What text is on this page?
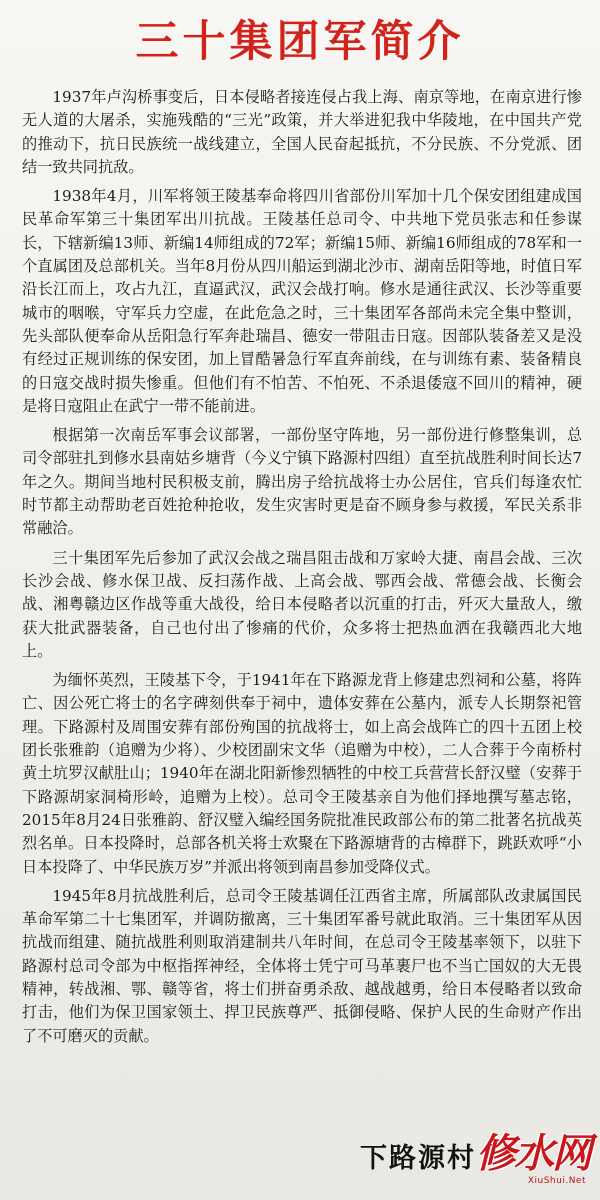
三十集团军简介

1937年卢沟桥事变后，日本侵略者接连侵占我上海、南京等地，在南京进行惨无人道的大屠杀，实施残酷的“三光”政策，并大举进犯我中华陵地，在中国共产党的推动下，抗日民族统一战线建立，全国人民奋起抵抗，不分民族、不分党派、团结一致共同抗敌。

1938年4月，川军将领王陵基奉命将四川省部份川军加十几个保安团组建成国民革命军第三十集团军出川抗战。王陵基任总司令、中共地下党员张志和任参谋长，下辖新编13师、新编14师组成的72军；新编15师、新编16师组成的78军和一个直属团及总部机关。当年8月份从四川船运到湖北沙市、湖南岳阳等地，时值日军沿长江而上，攻占九江，直逼武汉，武汉会战打响。修水是通往武汉、长沙等重要城市的咽喉，守军兵力空虚，在此危急之时，三十集团军各部尚未完全集中整训，先头部队便奉命从岳阳急行军奔赴瑞昌、德安一带阻击日寇。因部队装备差又是没有经过正规训练的保安团，加上冒酷暑急行军直奔前线，在与训练有素、装备精良的日寇交战时损失惨重。但他们有不怕苦、不怕死、不杀退倭寇不回川的精神，硬是将日寇阻止在武宁一带不能前进。

根据第一次南岳军事会议部署，一部份坚守阵地，另一部份进行修整集训，总司令部驻扎到修水县南姑乡塘背（今义宁镇下路源村四组）直至抗战胜利时间长达7年之久。期间当地村民积极支前，腾出房子给抗战将士办公居住，官兵们每逢农忙时节都主动帮助老百姓抢种抢收，发生灾害时更是奋不顾身参与救援，军民关系非常融洽。

三十集团军先后参加了武汉会战之瑞昌阻击战和万家岭大捷、南昌会战、三次长沙会战、修水保卫战、反扫荡作战、上高会战、鄂西会战、常德会战、长衡会战、湘粤赣边区作战等重大战役，给日本侵略者以沉重的打击，歼灭大量敌人，缴获大批武器装备，自己也付出了惨痛的代价，众多将士把热血洒在我赣西北大地上。

为缅怀英烈，王陵基下令，于1941年在下路源龙背上修建忠烈祠和公墓，将阵亡、因公死亡将士的名字碑刻供奉于祠中，遗体安葬在公墓内，派专人长期祭祀管理。下路源村及周围安葬有部份殉国的抗战将士，如上高会战阵亡的四十五团上校团长张雅韵（追赠为少将）、少校团副宋文华（追赠为中校），二人合葬于今南桥村黄土坑罗汉献肚山；1940年在湖北阳新惨烈牺牲的中校工兵营营长舒汉璧（安葬于下路源胡家洞椅形岭，追赠为上校）。总司令王陵基亲自为他们择地撰写墓志铭，2015年8月24日张雅韵、舒汉璧入编经国务院批准民政部公布的第二批著名抗战英烈名单。日本投降时，总部各机关将士欢聚在下路源塘背的古樟群下，跳跃欢呼“小日本投降了、中华民族万岁”并派出将领到南昌参加受降仪式。

1945年8月抗战胜利后，总司令王陵基调任江西省主席，所属部队改隶属国民革命军第二十七集团军，并调防撤离，三十集团军番号就此取消。三十集团军从因抗战而组建、随抗战胜利则取消建制共八年时间，在总司令王陵基率领下，以驻下路源村总司令部为中枢指挥神经，全体将士凭宁可马革裹尸也不当亡国奴的大无畏精神，转战湘、鄂、赣等省，将士们拼奋勇杀敌、越战越勇，给日本侵略者以致命打击，他们为保卫国家领土、捍卫民族尊严、抵御侵略、保护人民的生命财产作出了不可磨灭的贡献。

下路源村 修水网
XiuShui.Net
